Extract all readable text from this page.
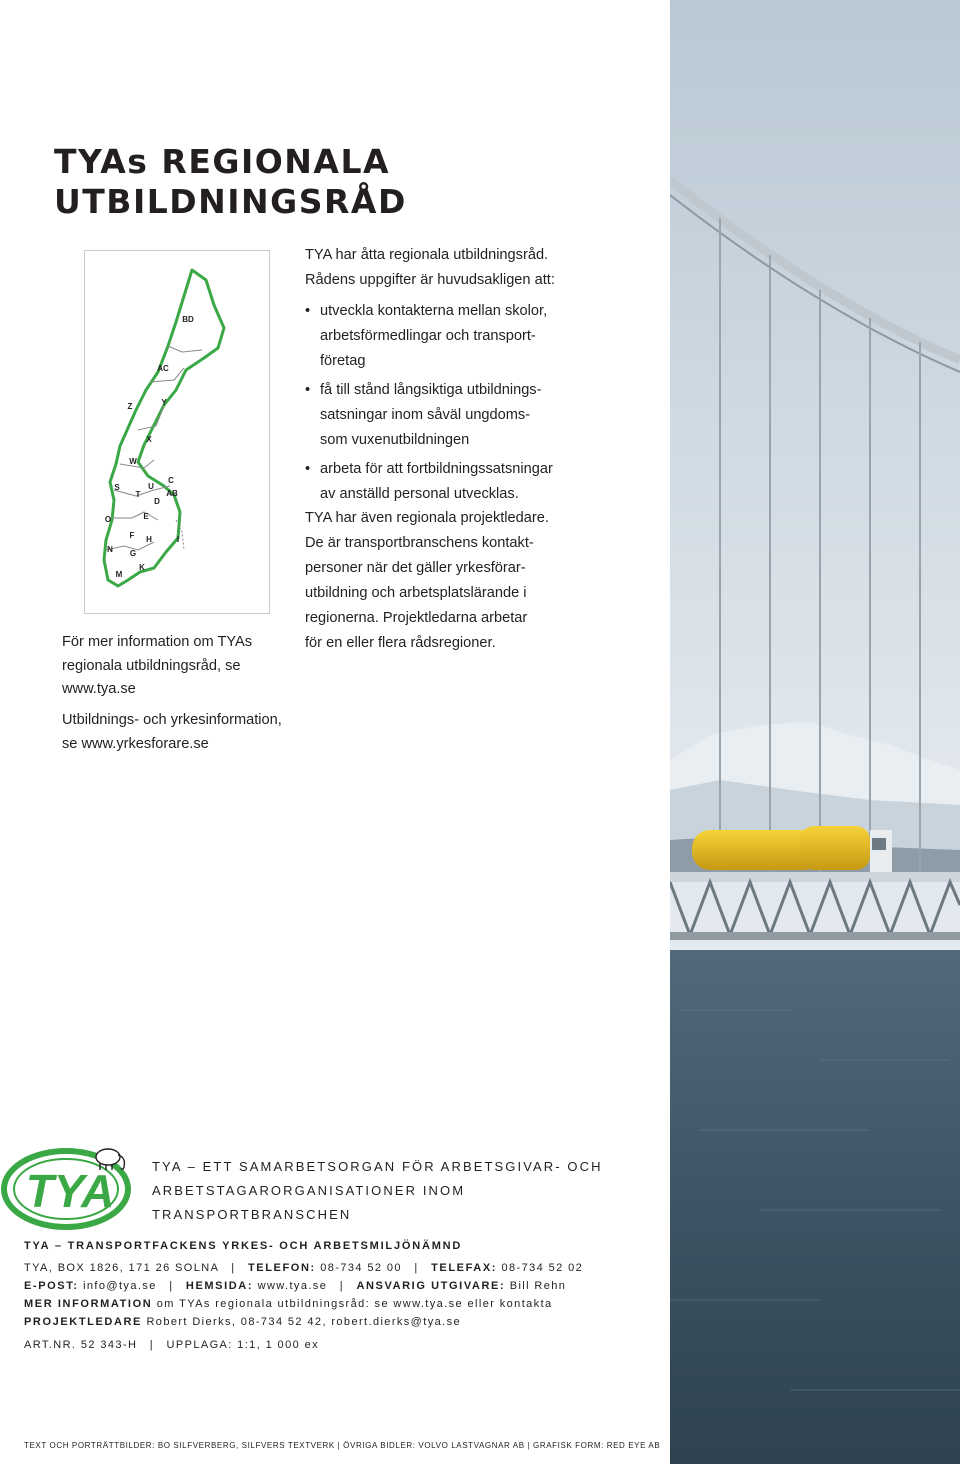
TYAs REGIONALA
UTBILDNINGSRÅD
BD
AC
Z	Y
X
W
S
T
U
C
AB
D
O	E
F H	I
N G
M
K
För mer information om TYAs
regionala utbildningsråd, se
www.tya.se
Utbildnings- och yrkesinformation,
se www.yrkesforare.se
TYA har åtta regionala utbildningsråd.
Rådens uppgifter är huvudsakligen att:
• utveckla kontakterna mellan skolor,
arbetsförmedlingar och transport-
företag
• få till stånd långsiktiga utbildnings-
satsningar inom såväl ungdoms-
som vuxenutbildningen
• arbeta för att fortbildningssatsningar
av anställd personal utvecklas.
TYA har även regionala projektledare.
De är transportbranschens kontakt-
personer när det gäller yrkesförar-
utbildning och arbetsplatslärande i
regionerna. Projektledarna arbetar
för en eller flera rådsregioner.
TYA	TYA – ETT SAMARBETSORGAN FÖR ARBETSGIVAR- OCH
ARBETSTAGARORGANISATIONER INOM TRANSPORTBRANSCHEN
TYA – TRANSPORTFACKENS YRKES- OCH ARBETSMILJÖNÄMND
TYA, BOX 1826, 171 26 SOLNA | TELEFON: 08-734 52 00 | TELEFAX: 08-734 52 02
E-POST: info@tya.se | HEMSIDA: www.tya.se | ANSVARIG UTGIVARE: Bill Rehn
MER INFORMATION om TYAs regionala utbildningsråd: se www.tya.se eller kontakta
PROJEKTLEDARE Robert Dierks, 08-734 52 42, robert.dierks@tya.se
ART.NR. 52 343-H | UPPLAGA: 1:1, 1 000 ex
TEXT OCH PORTRÄTTBILDER: BO SILFVERBERG, SILFVERS TEXTVERK | ÖVRIGA BIDLER: VOLVO LASTVAGNAR AB | GRAFISK FORM: RED EYE AB
